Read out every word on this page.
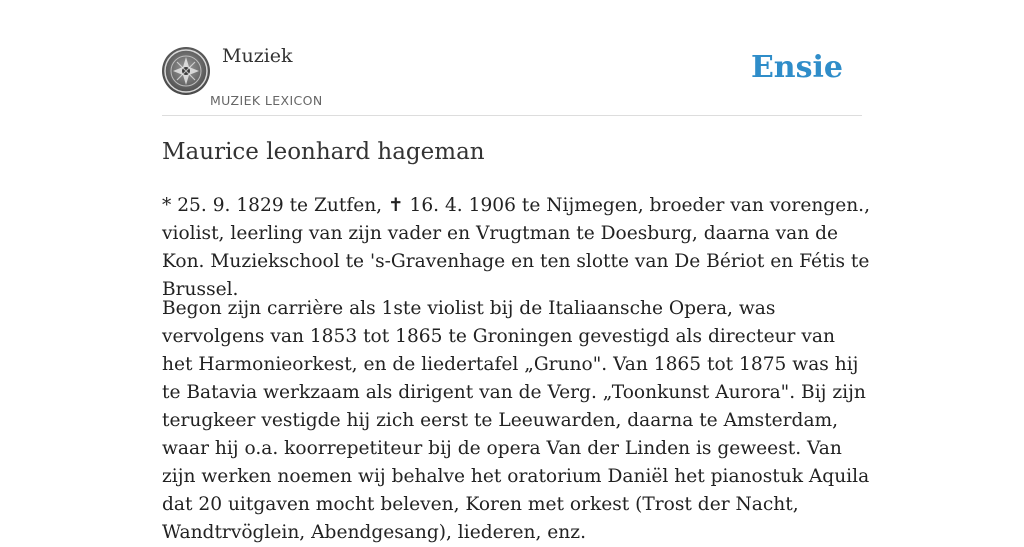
Muziek
MUZIEK LEXICON
Ensie
Maurice leonhard hageman

* 25. 9. 1829 te Zutfen, ✝ 16. 4. 1906 te Nijmegen, broeder van vorengen., violist, leerling van zijn vader en Vrugtman te Doesburg, daarna van de Kon. Muziekschool te 's-Gravenhage en ten slotte van De Bériot en Fétis te Brussel.

Begon zijn carrière als 1ste violist bij de Italiaansche Opera, was vervolgens van 1853 tot 1865 te Groningen gevestigd als directeur van het Harmonieorkest, en de liedertafel „Gruno". Van 1865 tot 1875 was hij te Batavia werkzaam als dirigent van de Verg. „Toonkunst Aurora". Bij zijn terugkeer vestigde hij zich eerst te Leeuwarden, daarna te Amsterdam, waar hij o.a. koorrepetiteur bij de opera Van der Linden is geweest. Van zijn werken noemen wij behalve het oratorium Daniël het pianostuk Aquila dat 20 uitgaven mocht beleven, Koren met orkest (Trost der Nacht, Wandtrvöglein, Abendgesang), liederen, enz.
